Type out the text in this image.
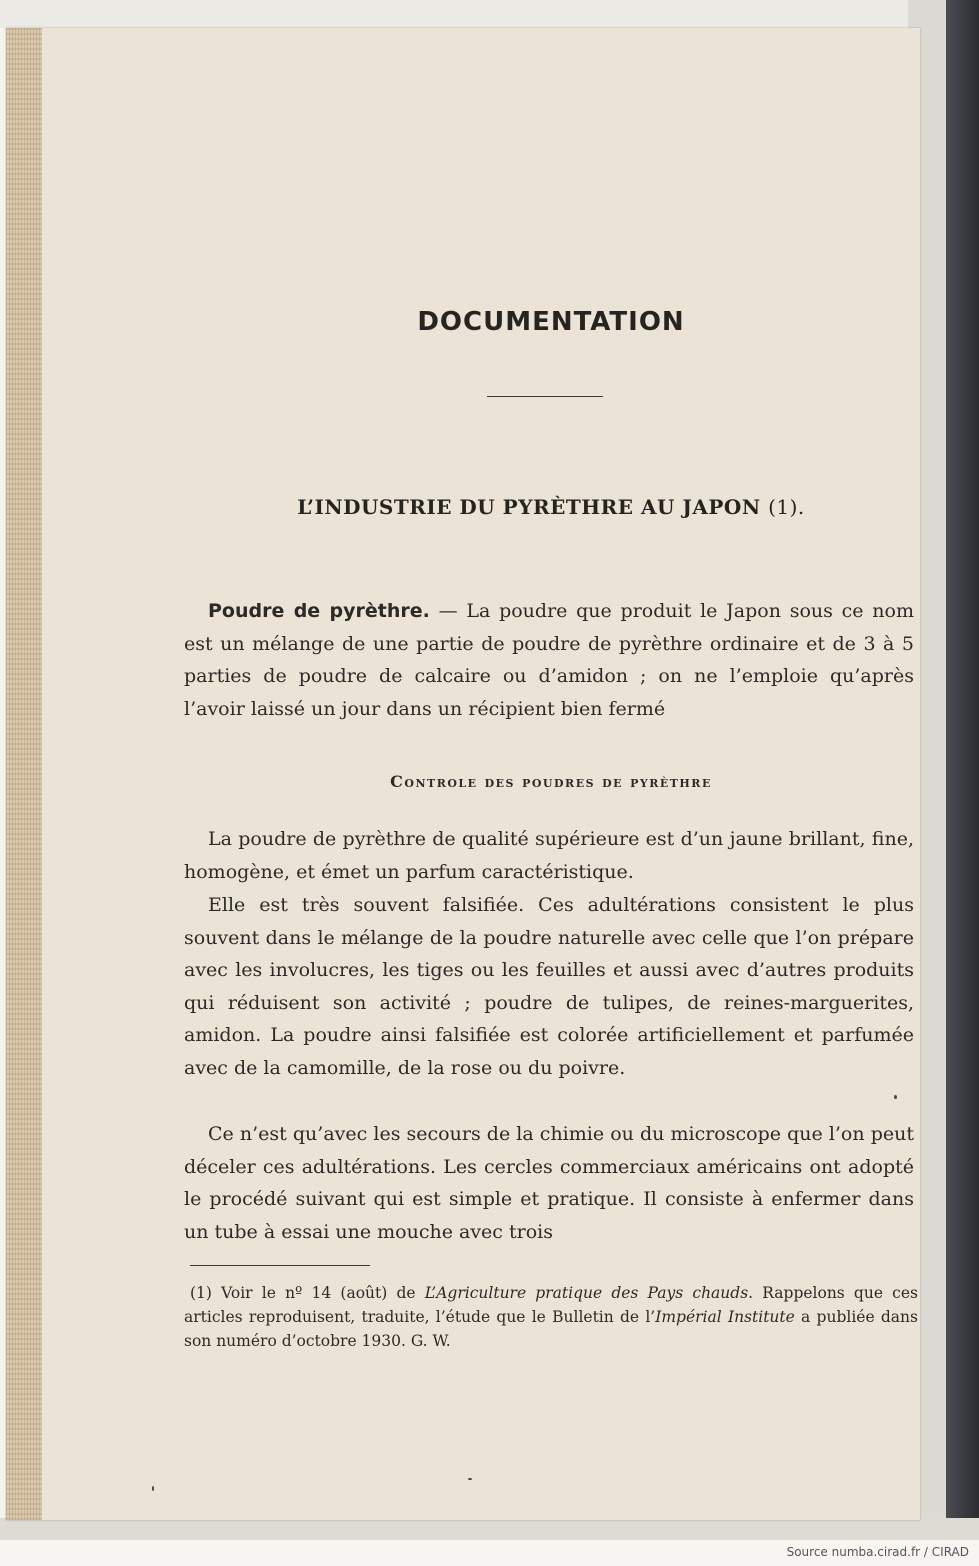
DOCUMENTATION
L’INDUSTRIE DU PYRÈTHRE AU JAPON (1).

Poudre de pyrèthre. — La poudre que produit le Japon sous ce nom est un mélange de une partie de poudre de pyrèthre ordinaire et de 3 à 5 parties de poudre de calcaire ou d’amidon ; on ne l’emploie qu’après l’avoir laissé un jour dans un récipient bien fermé

Controle des poudres de pyrèthre

La poudre de pyrèthre de qualité supérieure est d’un jaune brillant, fine, homogène, et émet un parfum caractéristique.

Elle est très souvent falsifiée. Ces adultérations consistent le plus souvent dans le mélange de la poudre naturelle avec celle que l’on prépare avec les involucres, les tiges ou les feuilles et aussi avec d’autres produits qui réduisent son activité ; poudre de tulipes, de reines-marguerites, amidon. La poudre ainsi falsifiée est colorée artificiellement et parfumée avec de la camomille, de la rose ou du poivre.

Ce n’est qu’avec les secours de la chimie ou du microscope que l’on peut déceler ces adultérations. Les cercles commerciaux américains ont adopté le procédé suivant qui est simple et pratique. Il consiste à enfermer dans un tube à essai une mouche avec trois

(1) Voir le nº 14 (août) de L’Agriculture pratique des Pays chauds. Rappelons que ces articles reproduisent, traduite, l’étude que le Bulletin de l’Impérial Institute a publiée dans son numéro d’octobre 1930. G. W.

Source numba.cirad.fr / CIRAD
